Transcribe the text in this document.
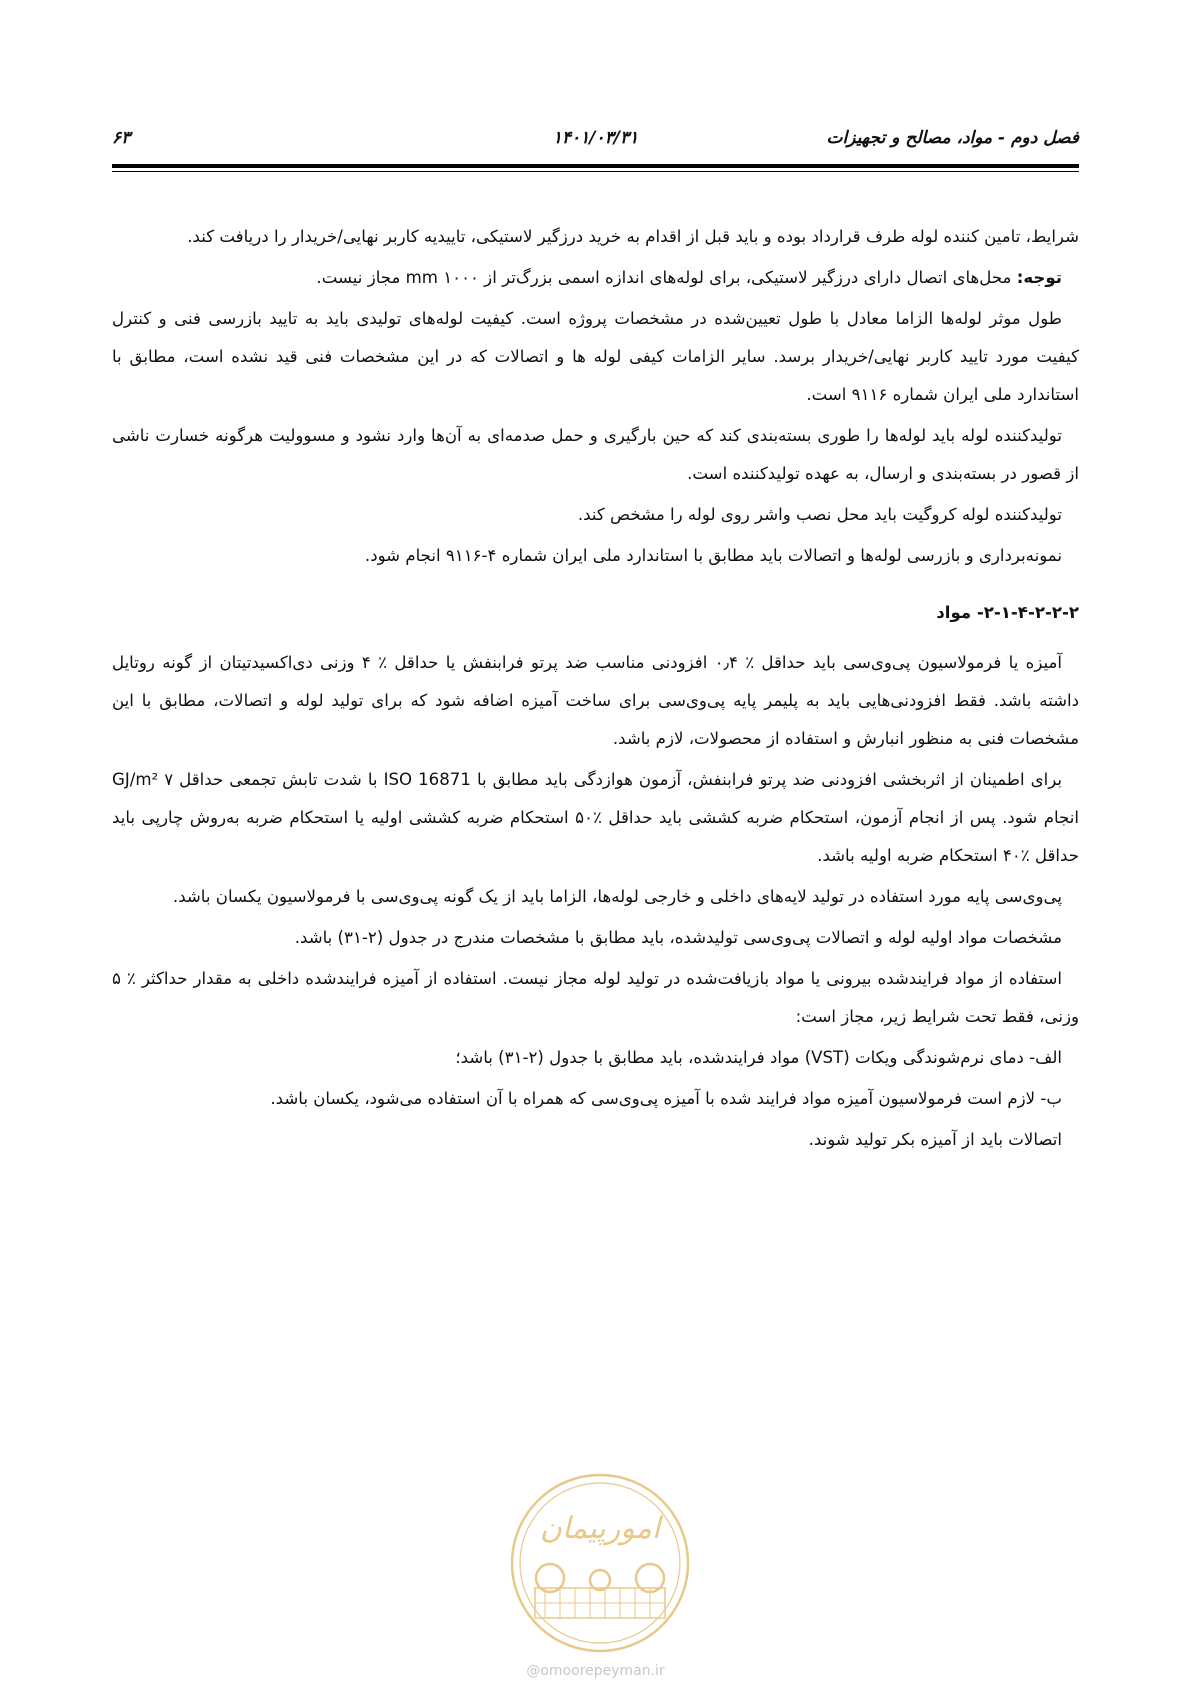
فصل دوم - مواد، مصالح و تجهیزات
۱۴۰۱/۰۳/۳۱
۶۳

شرایط، تامین کننده لوله طرف قرارداد بوده و باید قبل از اقدام به خرید درزگیر لاستیکی، تاییدیه کاربر نهایی/خریدار را دریافت کند.

توجه: محل‌های اتصال دارای درزگیر لاستیکی، برای لوله‌های اندازه اسمی بزرگ‌تر از mm ۱۰۰۰ مجاز نیست.

طول موثر لوله‌ها الزاما معادل با طول تعیین‌شده در مشخصات پروژه است. کیفیت لوله‌های تولیدی باید به تایید بازرسی فنی و کنترل کیفیت مورد تایید کاربر نهایی/خریدار برسد. سایر الزامات کیفی لوله ها و اتصالات که در این مشخصات فنی قید نشده است، مطابق با استاندارد ملی ایران شماره ۹۱۱۶ است.

تولیدکننده لوله باید لوله‌ها را طوری بسته‌بندی کند که حین بارگیری و حمل صدمه‌ای به آن‌ها وارد نشود و مسوولیت هرگونه خسارت ناشی از قصور در بسته‌بندی و ارسال، به عهده تولیدکننده است.

تولیدکننده لوله کروگیت باید محل نصب واشر روی لوله را مشخص کند.

نمونه‌برداری و بازرسی لوله‌ها و اتصالات باید مطابق با استاندارد ملی ایران شماره ۴-۹۱۱۶ انجام شود.

۲-۱-۴-۲-۲-۲- مواد

آمیزه یا فرمولاسیون پی‌وی‌سی باید حداقل ٪ ۰٫۴ افزودنی مناسب ضد پرتو فرابنفش یا حداقل ٪ ۴ وزنی دی‌اکسیدتیتان از گونه روتایل داشته باشد. فقط افزودنی‌هایی باید به پلیمر پایه پی‌وی‌سی برای ساخت آمیزه اضافه شود که برای تولید لوله و اتصالات، مطابق با این مشخصات فنی به منظور انبارش و استفاده از محصولات، لازم باشد.

برای اطمینان از اثربخشی افزودنی ضد پرتو فرابنفش، آزمون هوازدگی باید مطابق با ISO 16871 با شدت تابش تجمعی حداقل ۷ GJ/m² انجام شود. پس از انجام آزمون، استحکام ضربه کششی باید حداقل ٪۵۰ استحکام ضربه کششی اولیه یا استحکام ضربه به‌روش چارپی باید حداقل ٪۴۰ استحکام ضربه اولیه باشد.

پی‌وی‌سی پایه مورد استفاده در تولید لایه‌های داخلی و خارجی لوله‌ها، الزاما باید از یک گونه پی‌وی‌سی با فرمولاسیون یکسان باشد.

مشخصات مواد اولیه لوله و اتصالات پی‌وی‌سی تولیدشده، باید مطابق با مشخصات مندرج در جدول (۲-۳۱) باشد.

استفاده از مواد فرایندشده بیرونی یا مواد بازیافت‌شده در تولید لوله مجاز نیست. استفاده از آمیزه فرایندشده داخلی به مقدار حداکثر ٪ ۵ وزنی، فقط تحت شرایط زیر، مجاز است:

الف- دمای نرم‌شوندگی ویکات (VST) مواد فرایندشده، باید مطابق با جدول (۲-۳۱) باشد؛

ب- لازم است فرمولاسیون آمیزه مواد فرایند شده با آمیزه پی‌وی‌سی که همراه با آن استفاده می‌شود، یکسان باشد.

اتصالات باید از آمیزه بکر تولید شوند.

امورپیمان
@omoorepeyman.ir
